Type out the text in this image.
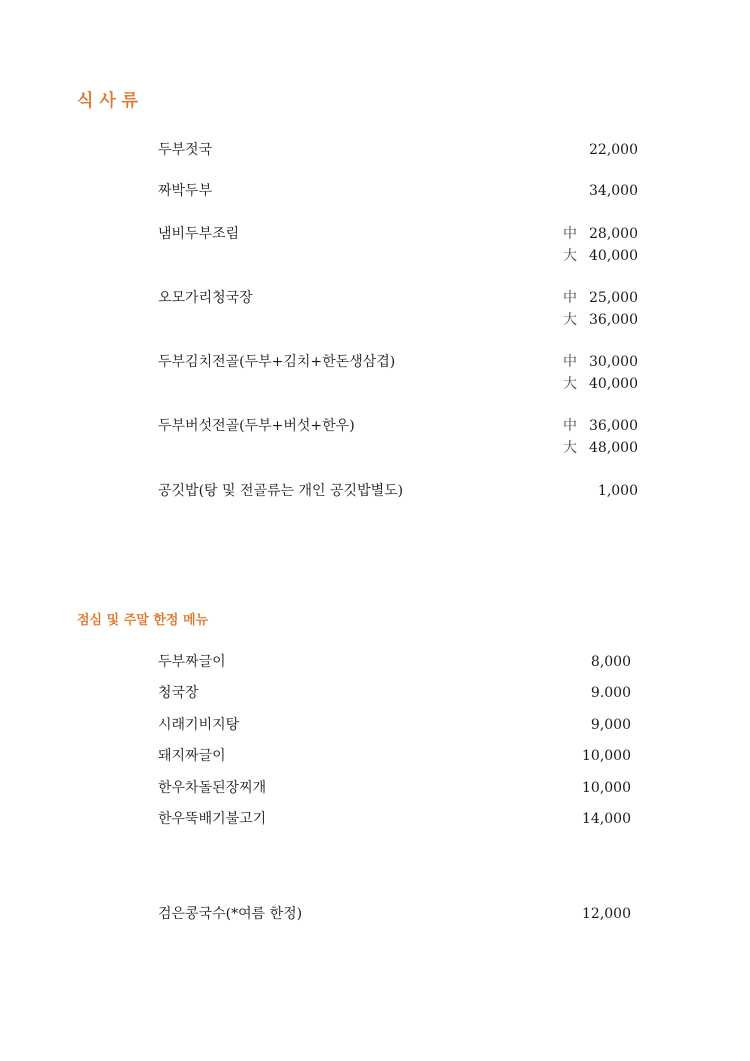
식 사 류
두부젓국	22,000
짜박두부	34,000
냄비두부조림	中 28,000
大 40,000
오모가리청국장	中 25,000
大 36,000
두부김치전골(두부+김치+한돈생삼겹)	中 30,000
大 40,000
두부버섯전골(두부+버섯+한우)	中 36,000
大 48,000
공깃밥(탕 및 전골류는 개인 공깃밥별도)	1,000
점심 및 주말 한정 메뉴
두부짜글이	8,000
청국장	9.000
시래기비지탕	9,000
돼지짜글이	10,000
한우차돌된장찌개	10,000
한우뚝배기불고기	14,000
검은콩국수(*여름 한정)	12,000
